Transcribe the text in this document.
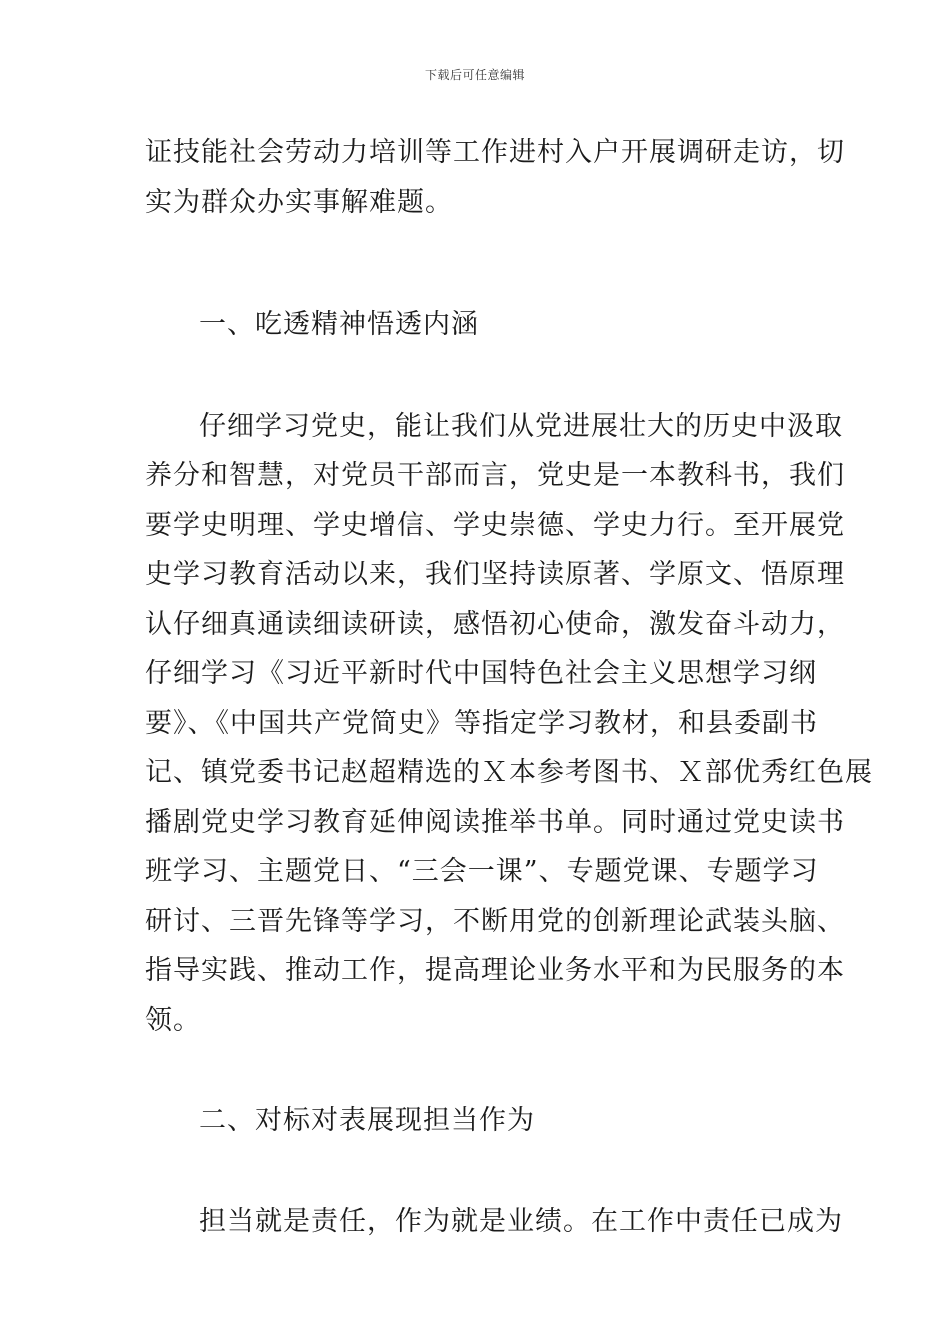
下载后可任意编辑

证技能社会劳动力培训等工作进村入户开展调研走访，切
实为群众办实事解难题。

一、吃透精神悟透内涵

仔细学习党史，能让我们从党进展壮大的历史中汲取
养分和智慧，对党员干部而言，党史是一本教科书，我们
要学史明理、学史增信、学史崇德、学史力行。至开展党
史学习教育活动以来，我们坚持读原著、学原文、悟原理
认仔细真通读细读研读，感悟初心使命，激发奋斗动力，
仔细学习《习近平新时代中国特色社会主义思想学习纲
要》、《中国共产党简史》等指定学习教材，和县委副书
记、镇党委书记赵超精选的Ｘ本参考图书、Ｘ部优秀红色展
播剧党史学习教育延伸阅读推举书单。同时通过党史读书
班学习、主题党日、“三会一课”、专题党课、专题学习
研讨、三晋先锋等学习，不断用党的创新理论武装头脑、
指导实践、推动工作，提高理论业务水平和为民服务的本
领。

二、对标对表展现担当作为

担当就是责任，作为就是业绩。在工作中责任已成为
